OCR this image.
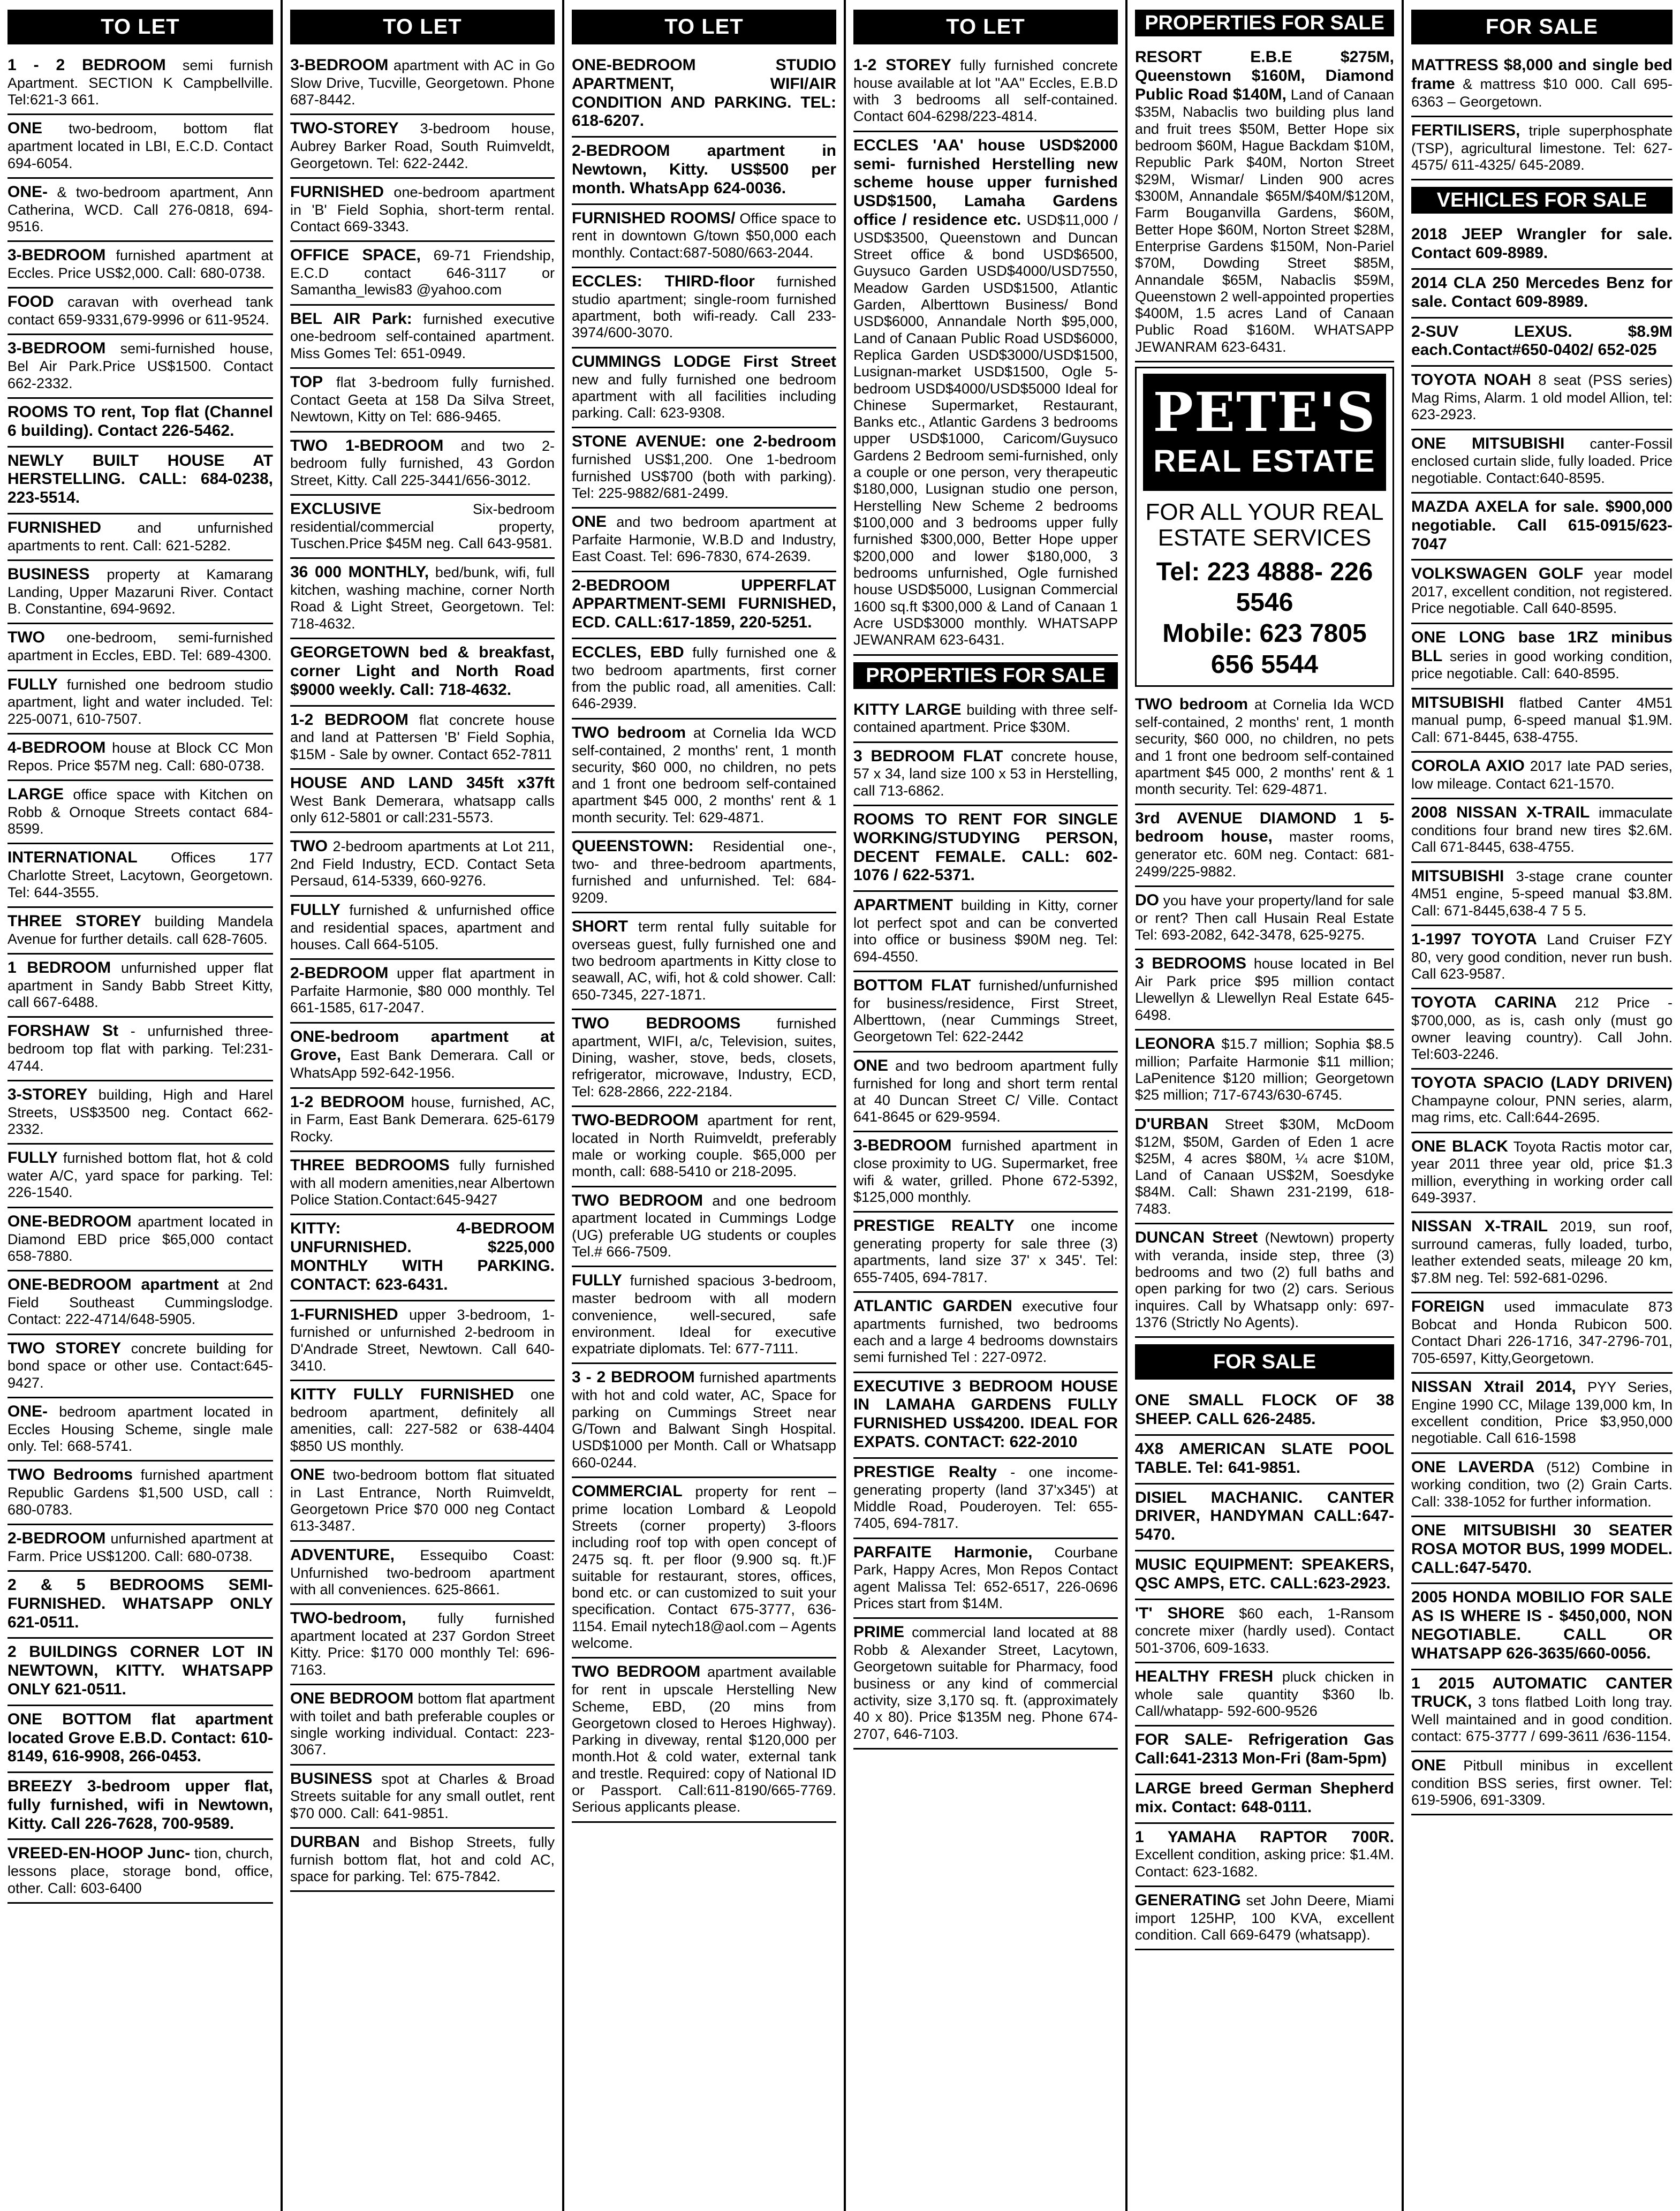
TO LET
1 - 2 BEDROOM semi furnish Apartment. SECTION K Campbellville. Tel:621-3 661.
ONE two-bedroom, bottom flat apartment located in LBI, E.C.D. Contact 694-6054.
ONE- & two-bedroom apartment, Ann Catherina, WCD. Call 276-0818, 694-9516.
3-BEDROOM furnished apartment at Eccles. Price US$2,000. Call: 680-0738.
FOOD caravan with overhead tank contact 659-9331,679-9996 or 611-9524.
3-BEDROOM semi-furnished house, Bel Air Park.Price US$1500. Contact 662-2332.
ROOMS TO rent, Top flat (Channel 6 building). Contact 226-5462.
NEWLY BUILT HOUSE AT HERSTELLING. CALL: 684-0238, 223-5514.
FURNISHED and unfurnished apartments to rent. Call: 621-5282.
BUSINESS property at Kamarang Landing, Upper Mazaruni River. Contact B. Constantine, 694-9692.
TWO one-bedroom, semi-furnished apartment in Eccles, EBD. Tel: 689-4300.
FULLY furnished one bedroom studio apartment, light and water included. Tel: 225-0071, 610-7507.
4-BEDROOM house at Block CC Mon Repos. Price $57M neg. Call: 680-0738.
LARGE office space with Kitchen on Robb & Ornoque Streets contact 684-8599.
INTERNATIONAL Offices 177 Charlotte Street, Lacytown, Georgetown. Tel: 644-3555.
THREE STOREY building Mandela Avenue for further details. call 628-7605.
1 BEDROOM unfurnished upper flat apartment in Sandy Babb Street Kitty, call 667-6488.
FORSHAW St - unfurnished three-bedroom top flat with parking. Tel:231-4744.
3-STOREY building, High and Harel Streets, US$3500 neg. Contact 662-2332.
FULLY furnished bottom flat, hot & cold water A/C, yard space for parking. Tel: 226-1540.
ONE-BEDROOM apartment located in Diamond EBD price $65,000 contact 658-7880.
ONE-BEDROOM apartment at 2nd Field Southeast Cummingslodge. Contact: 222-4714/648-5905.
TWO STOREY concrete building for bond space or other use. Contact:645-9427.
ONE- bedroom apartment located in Eccles Housing Scheme, single male only. Tel: 668-5741.
TWO Bedrooms furnished apartment Republic Gardens $1,500 USD, call : 680-0783.
2-BEDROOM unfurnished apartment at Farm. Price US$1200. Call: 680-0738.
2 & 5 BEDROOMS SEMI-FURNISHED. WHATSAPP ONLY 621-0511.
2 BUILDINGS CORNER LOT IN NEWTOWN, KITTY. WHATSAPP ONLY 621-0511.
ONE BOTTOM flat apartment located Grove E.B.D. Contact: 610-8149, 616-9908, 266-0453.
BREEZY 3-bedroom upper flat, fully furnished, wifi in Newtown, Kitty. Call 226-7628, 700-9589.
VREED-EN-HOOP Junc- tion, church, lessons place, storage bond, office, other. Call: 603-6400
TO LET
3-BEDROOM apartment with AC in Go Slow Drive, Tucville, Georgetown. Phone 687-8442.
TWO-STOREY 3-bedroom house, Aubrey Barker Road, South Ruimveldt, Georgetown. Tel: 622-2442.
FURNISHED one-bedroom apartment in 'B' Field Sophia, short-term rental. Contact 669-3343.
OFFICE SPACE, 69-71 Friendship, E.C.D contact 646-3117 or Samantha_lewis83 @yahoo.com
BEL AIR Park: furnished executive one-bedroom self-contained apartment. Miss Gomes Tel: 651-0949.
TOP flat 3-bedroom fully furnished. Contact Geeta at 158 Da Silva Street, Newtown, Kitty on Tel: 686-9465.
TWO 1-BEDROOM and two 2-bedroom fully furnished, 43 Gordon Street, Kitty. Call 225-3441/656-3012.
EXCLUSIVE	Six-bedroom residential/commercial property, Tuschen.Price $45M neg. Call 643-9581.
36 000 MONTHLY, bed/bunk, wifi, full kitchen, washing machine, corner North Road & Light Street, Georgetown. Tel: 718-4632.
GEORGETOWN bed & breakfast, corner Light and North Road $9000 weekly. Call: 718-4632.
1-2 BEDROOM flat concrete house and land at Pattersen 'B' Field Sophia, $15M - Sale by owner. Contact 652-7811
HOUSE AND LAND 345ft x37ft West Bank Demerara, whatsapp calls only 612-5801 or call:231-5573.
TWO 2-bedroom apartments at Lot 211, 2nd Field Industry, ECD. Contact Seta Persaud, 614-5339, 660-9276.
FULLY furnished & unfurnished office and residential spaces, apartment and houses. Call 664-5105.
2-BEDROOM upper flat apartment in Parfaite Harmonie, $80 000 monthly. Tel 661-1585, 617-2047.
ONE-bedroom apartment at Grove, East Bank Demerara. Call or WhatsApp 592-642-1956.
1-2 BEDROOM house, furnished, AC, in Farm, East Bank Demerara. 625-6179 Rocky.
THREE BEDROOMS fully furnished with all modern amenities,near Albertown Police Station.Contact:645-9427
KITTY: 4-BEDROOM UNFURNISHED. $225,000 MONTHLY WITH PARKING. CONTACT: 623-6431.
1-FURNISHED upper 3-bedroom, 1-furnished or unfurnished 2-bedroom in D'Andrade Street, Newtown. Call 640-3410.
KITTY FULLY FURNISHED one bedroom apartment, definitely all amenities, call: 227-582 or 638-4404 $850 US monthly.
ONE two-bedroom bottom flat situated in Last Entrance, North Ruimveldt, Georgetown Price $70 000 neg Contact 613-3487.
ADVENTURE, Essequibo Coast: Unfurnished two-bedroom apartment with all conveniences. 625-8661.
TWO-bedroom, fully furnished apartment located at 237 Gordon Street Kitty. Price: $170 000 monthly Tel: 696-7163.
ONE BEDROOM bottom flat apartment with toilet and bath preferable couples or single working individual. Contact: 223-3067.
BUSINESS spot at Charles & Broad Streets suitable for any small outlet, rent $70 000. Call: 641-9851.
DURBAN and Bishop Streets, fully furnish bottom flat, hot and cold AC, space for parking. Tel: 675-7842.
TO LET
ONE-BEDROOM STUDIO APARTMENT, WIFI/AIR CONDITION AND PARKING. TEL: 618-6207.
2-BEDROOM apartment in Newtown, Kitty. US$500 per month. WhatsApp 624-0036.
FURNISHED ROOMS/ Office space to rent in downtown G/town $50,000 each monthly. Contact:687-5080/663-2044.
ECCLES: THIRD-floor furnished studio apartment; single-room furnished apartment, both wifi-ready. Call 233-3974/600-3070.
CUMMINGS LODGE First Street new and fully furnished one bedroom apartment with all facilities including parking. Call: 623-9308.
STONE AVENUE: one 2-bedroom furnished US$1,200. One 1-bedroom furnished US$700 (both with parking). Tel: 225-9882/681-2499.
ONE and two bedroom apartment at Parfaite Harmonie, W.B.D and Industry, East Coast. Tel: 696-7830, 674-2639.
2-BEDROOM UPPERFLAT APPARTMENT-SEMI FURNISHED, ECD. CALL:617-1859, 220-5251.
ECCLES, EBD fully furnished one & two bedroom apartments, first corner from the public road, all amenities. Call: 646-2939.
TWO bedroom at Cornelia Ida WCD self-contained, 2 months' rent, 1 month security, $60 000, no children, no pets and 1 front one bedroom self-contained apartment $45 000, 2 months' rent & 1 month security. Tel: 629-4871.
QUEENSTOWN: Residential one-, two- and three-bedroom apartments, furnished and unfurnished. Tel: 684-9209.
SHORT term rental fully suitable for overseas guest, fully furnished one and two bedroom apartments in Kitty close to seawall, AC, wifi, hot & cold shower. Call: 650-7345, 227-1871.
TWO BEDROOMS	furnished apartment, WIFI, a/c, Television, suites, Dining, washer, stove, beds, closets, refrigerator, microwave, Industry, ECD, Tel: 628-2866, 222-2184.
TWO-BEDROOM apartment for rent, located in North Ruimveldt, preferably male or working couple. $65,000 per month, call: 688-5410 or 218-2095.
TWO BEDROOM and one bedroom apartment located in Cummings Lodge (UG) preferable UG students or couples Tel.# 666-7509.
FULLY furnished spacious 3-bedroom, master bedroom with all modern convenience, well-secured, safe environment. Ideal for executive expatriate diplomats. Tel: 677-7111.
3 - 2 BEDROOM furnished apartments with hot and cold water, AC, Space for parking on Cummings Street near G/Town and Balwant Singh Hospital. USD$1000 per Month. Call or Whatsapp 660-0244.
COMMERCIAL property for rent – prime location Lombard & Leopold Streets (corner property) 3-floors including roof top with open concept of 2475 sq. ft. per floor (9.900 sq. ft.)F suitable for restaurant, stores, offices, bond etc. or can customized to suit your specification. Contact 675-3777, 636-1154. Email nytech18@aol.com – Agents welcome.
TWO BEDROOM apartment available for rent in upscale Herstelling New Scheme, EBD, (20 mins from Georgetown closed to Heroes Highway). Parking in diveway, rental $120,000 per month.Hot & cold water, external tank and trestle. Required: copy of National ID or Passport. Call:611-8190/665-7769. Serious applicants please.
TO LET
1-2 STOREY fully furnished concrete house available at lot "AA" Eccles, E.B.D with 3 bedrooms all self-contained. Contact 604-6298/223-4814.
ECCLES 'AA' house USD$2000 semi- furnished Herstelling new scheme house upper furnished USD$1500, Lamaha Gardens office / residence etc. USD$11,000 / USD$3500, Queenstown and Duncan Street office & bond USD$6500, Guysuco Garden USD$4000/USD7550, Meadow Garden USD$1500, Atlantic Garden, Alberttown Business/ Bond USD$6000, Annandale North $95,000, Land of Canaan Public Road USD$6000, Replica Garden USD$3000/USD$1500, Lusignan-market USD$1500, Ogle 5-bedroom USD$4000/USD$5000 Ideal for Chinese Supermarket, Restaurant, Banks etc., Atlantic Gardens 3 bedrooms upper USD$1000, Caricom/Guysuco Gardens 2 Bedroom semi-furnished, only a couple or one person, very therapeutic $180,000, Lusignan studio one person, Herstelling New Scheme 2 bedrooms $100,000 and 3 bedrooms upper fully furnished $300,000, Better Hope upper $200,000 and lower $180,000, 3 bedrooms unfurnished, Ogle furnished house USD$5000, Lusignan Commercial 1600 sq.ft $300,000 & Land of Canaan 1 Acre USD$3000 monthly. WHATSAPP JEWANRAM 623-6431.
PROPERTIES FOR SALE
KITTY LARGE building with three self-contained apartment. Price $30M.
3 BEDROOM FLAT concrete house, 57 x 34, land size 100 x 53 in Herstelling, call 713-6862.
ROOMS TO RENT FOR SINGLE WORKING/STUDYING PERSON, DECENT FEMALE. CALL: 602-1076 / 622-5371.
APARTMENT building in Kitty, corner lot perfect spot and can be converted into office or business $90M neg. Tel: 694-4550.
BOTTOM FLAT furnished/unfurnished for business/residence, First Street, Alberttown, (near Cummings Street, Georgetown Tel: 622-2442
ONE and two bedroom apartment fully furnished for long and short term rental at 40 Duncan Street C/ Ville. Contact 641-8645 or 629-9594.
3-BEDROOM furnished apartment in close proximity to UG. Supermarket, free wifi & water, grilled. Phone 672-5392, $125,000 monthly.
PRESTIGE REALTY one income generating property for sale three (3) apartments, land size 37' x 345'. Tel: 655-7405, 694-7817.
ATLANTIC GARDEN executive four apartments furnished, two bedrooms each and a large 4 bedrooms downstairs semi furnished Tel : 227-0972.
EXECUTIVE 3 BEDROOM HOUSE IN LAMAHA GARDENS FULLY FURNISHED US$4200. IDEAL FOR EXPATS. CONTACT: 622-2010
PRESTIGE Realty - one income-generating property (land 37'x345') at Middle Road, Pouderoyen. Tel: 655-7405, 694-7817.
PARFAITE Harmonie, Courbane Park, Happy Acres, Mon Repos Contact agent Malissa Tel: 652-6517, 226-0696 Prices start from $14M.
PRIME commercial land located at 88 Robb & Alexander Street, Lacytown, Georgetown suitable for Pharmacy, food business or any kind of commercial activity, size 3,170 sq. ft. (approximately 40 x 80). Price $135M neg. Phone 674-2707, 646-7103.
PROPERTIES FOR SALE
RESORT E.B.E $275M, Queenstown $160M, Diamond Public Road $140M, Land of Canaan $35M, Nabaclis two building plus land and fruit trees $50M, Better Hope six bedroom $60M, Hague Backdam $10M, Republic Park $40M, Norton Street $29M, Wismar/ Linden 900 acres $300M, Annandale $65M/$40M/$120M, Farm Bouganvilla Gardens, $60M, Better Hope $60M, Norton Street $28M, Enterprise Gardens $150M, Non-Pariel $70M, Dowding Street $85M, Annandale $65M, Nabaclis $59M, Queenstown 2 well-appointed properties $400M, 1.5 acres Land of Canaan Public Road $160M. WHATSAPP JEWANRAM 623-6431.
PETE'S
REAL ESTATE
FOR ALL YOUR REAL ESTATE SERVICES
Tel: 223 4888- 226 5546
Mobile: 623 7805 656 5544
TWO bedroom at Cornelia Ida WCD self-contained, 2 months' rent, 1 month security, $60 000, no children, no pets and 1 front one bedroom self-contained apartment $45 000, 2 months' rent & 1 month security. Tel: 629-4871.
3rd AVENUE DIAMOND 1 5-bedroom house, master rooms, generator etc. 60M neg. Contact: 681-2499/225-9882.
DO you have your property/land for sale or rent? Then call Husain Real Estate Tel: 693-2082, 642-3478, 625-9275.
3 BEDROOMS house located in Bel Air Park price $95 million contact Llewellyn & Llewellyn Real Estate 645-6498.
LEONORA $15.7 million; Sophia $8.5 million; Parfaite Harmonie $11 million; LaPenitence $120 million; Georgetown $25 million; 717-6743/630-6745.
D'URBAN Street $30M, McDoom $12M, $50M, Garden of Eden 1 acre $25M, 4 acres $80M, ¼ acre $10M, Land of Canaan US$2M, Soesdyke $84M. Call: Shawn 231-2199, 618-7483.
DUNCAN Street (Newtown) property with veranda, inside step, three (3) bedrooms and two (2) full baths and open parking for two (2) cars. Serious inquires. Call by Whatsapp only: 697-1376 (Strictly No Agents).
FOR SALE
ONE SMALL FLOCK OF 38 SHEEP. CALL 626-2485.
4X8 AMERICAN SLATE POOL TABLE. Tel: 641-9851.
DISIEL MACHANIC. CANTER DRIVER, HANDYMAN CALL:647-5470.
MUSIC EQUIPMENT: SPEAKERS, QSC AMPS, ETC. CALL:623-2923.
'T' SHORE $60 each, 1-Ransom concrete mixer (hardly used). Contact 501-3706, 609-1633.
HEALTHY FRESH pluck chicken in whole sale quantity $360 lb. Call/whatapp- 592-600-9526
FOR SALE- Refrigeration Gas Call:641-2313 Mon-Fri (8am-5pm)
LARGE breed German Shepherd mix. Contact: 648-0111.
1 YAMAHA RAPTOR 700R. Excellent condition, asking price: $1.4M. Contact: 623-1682.
GENERATING set John Deere, Miami import 125HP, 100 KVA, excellent condition. Call 669-6479 (whatsapp).
FOR SALE
MATTRESS $8,000 and single bed frame & mattress $10 000. Call 695-6363 – Georgetown.
FERTILISERS, triple superphosphate (TSP), agricultural limestone. Tel: 627-4575/ 611-4325/ 645-2089.
VEHICLES FOR SALE
2018 JEEP Wrangler for sale. Contact 609-8989.
2014 CLA 250 Mercedes Benz for sale. Contact 609-8989.
2-SUV LEXUS. $8.9M each.Contact#650-0402/ 652-025
TOYOTA NOAH 8 seat (PSS series) Mag Rims, Alarm. 1 old model Allion, tel: 623-2923.
ONE MITSUBISHI canter-Fossil enclosed curtain slide, fully loaded. Price negotiable. Contact:640-8595.
MAZDA AXELA for sale. $900,000 negotiable. Call 615-0915/623-7047
VOLKSWAGEN GOLF year model 2017, excellent condition, not registered. Price negotiable. Call 640-8595.
ONE LONG base 1RZ minibus BLL series in good working condition, price negotiable. Call: 640-8595.
MITSUBISHI flatbed Canter 4M51 manual pump, 6-speed manual $1.9M. Call: 671-8445, 638-4755.
COROLA AXIO 2017 late PAD series, low mileage. Contact 621-1570.
2008 NISSAN X-TRAIL immaculate conditions four brand new tires $2.6M. Call 671-8445, 638-4755.
MITSUBISHI 3-stage crane counter 4M51 engine, 5-speed manual $3.8M. Call: 671-8445,638-4 7 5 5.
1-1997 TOYOTA Land Cruiser FZY 80, very good condition, never run bush. Call 623-9587.
TOYOTA CARINA 212 Price - $700,000, as is, cash only (must go owner leaving country). Call John. Tel:603-2246.
TOYOTA SPACIO (LADY DRIVEN) Champayne colour, PNN series, alarm, mag rims, etc. Call:644-2695.
ONE BLACK Toyota Ractis motor car, year 2011 three year old, price $1.3 million, everything in working order call 649-3937.
NISSAN X-TRAIL 2019, sun roof, surround cameras, fully loaded, turbo, leather extended seats, mileage 20 km, $7.8M neg. Tel: 592-681-0296.
FOREIGN used immaculate 873 Bobcat and Honda Rubicon 500. Contact Dhari 226-1716, 347-2796-701, 705-6597, Kitty,Georgetown.
NISSAN Xtrail 2014, PYY Series, Engine 1990 CC, Milage 139,000 km, In excellent condition, Price $3,950,000 negotiable. Call 616-1598
ONE LAVERDA (512) Combine in working condition, two (2) Grain Carts. Call: 338-1052 for further information.
ONE MITSUBISHI 30 SEATER ROSA MOTOR BUS, 1999 MODEL. CALL:647-5470.
2005 HONDA MOBILIO FOR SALE AS IS WHERE IS - $450,000, NON NEGOTIABLE. CALL OR WHATSAPP 626-3635/660-0056.
1 2015 AUTOMATIC CANTER TRUCK, 3 tons flatbed Loith long tray. Well maintained and in good condition. contact: 675-3777 / 699-3611 /636-1154.
ONE Pitbull minibus in excellent condition BSS series, first owner. Tel: 619-5906, 691-3309.
